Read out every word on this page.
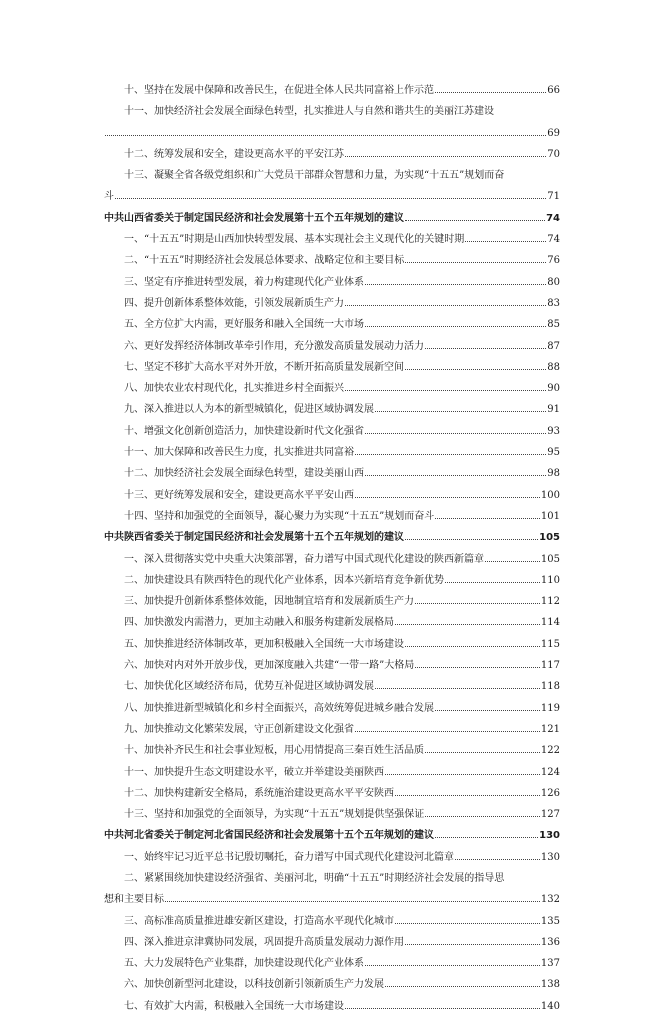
十、坚持在发展中保障和改善民生，在促进全体人民共同富裕上作示范	66
十一、加快经济社会发展全面绿色转型，扎实推进人与自然和谐共生的美丽江苏建设
69
十二、统筹发展和安全，建设更高水平的平安江苏	70
十三、凝聚全省各级党组织和广大党员干部群众智慧和力量，为实现“十五五”规划而奋
斗	71
中共山西省委关于制定国民经济和社会发展第十五个五年规划的建议	74
一、“十五五”时期是山西加快转型发展、基本实现社会主义现代化的关键时期	74
二、“十五五”时期经济社会发展总体要求、战略定位和主要目标	76
三、坚定有序推进转型发展，着力构建现代化产业体系	80
四、提升创新体系整体效能，引领发展新质生产力	83
五、全方位扩大内需，更好服务和融入全国统一大市场	85
六、更好发挥经济体制改革牵引作用，充分激发高质量发展动力活力	87
七、坚定不移扩大高水平对外开放，不断开拓高质量发展新空间	88
八、加快农业农村现代化，扎实推进乡村全面振兴	90
九、深入推进以人为本的新型城镇化，促进区域协调发展	91
十、增强文化创新创造活力，加快建设新时代文化强省	93
十一、加大保障和改善民生力度，扎实推进共同富裕	95
十二、加快经济社会发展全面绿色转型，建设美丽山西	98
十三、更好统筹发展和安全，建设更高水平平安山西	100
十四、坚持和加强党的全面领导，凝心聚力为实现“十五五”规划而奋斗	101
中共陕西省委关于制定国民经济和社会发展第十五个五年规划的建议	105
一、深入贯彻落实党中央重大决策部署，奋力谱写中国式现代化建设的陕西新篇章	105
二、加快建设具有陕西特色的现代化产业体系，因本兴新培育竞争新优势	110
三、加快提升创新体系整体效能，因地制宜培育和发展新质生产力	112
四、加快激发内需潜力，更加主动融入和服务构建新发展格局	114
五、加快推进经济体制改革，更加积极融入全国统一大市场建设	115
六、加快对内对外开放步伐，更加深度融入共建“一带一路”大格局	117
七、加快优化区域经济布局，优势互补促进区域协调发展	118
八、加快推进新型城镇化和乡村全面振兴，高效统筹促进城乡融合发展	119
九、加快推动文化繁荣发展，守正创新建设文化强省	121
十、加快补齐民生和社会事业短板，用心用情提高三秦百姓生活品质	122
十一、加快提升生态文明建设水平，破立并举建设美丽陕西	124
十二、加快构建新安全格局，系统施治建设更高水平平安陕西	126
十三、坚持和加强党的全面领导，为实现“十五五”规划提供坚强保证	127
中共河北省委关于制定河北省国民经济和社会发展第十五个五年规划的建议	130
一、始终牢记习近平总书记殷切嘱托，奋力谱写中国式现代化建设河北篇章	130
二、紧紧围绕加快建设经济强省、美丽河北，明确“十五五”时期经济社会发展的指导思
想和主要目标	132
三、高标准高质量推进雄安新区建设，打造高水平现代化城市	135
四、深入推进京津冀协同发展，巩固提升高质量发展动力源作用	136
五、大力发展特色产业集群，加快建设现代化产业体系	137
六、加快创新型河北建设，以科技创新引领新质生产力发展	138
七、有效扩大内需，积极融入全国统一大市场建设	140
